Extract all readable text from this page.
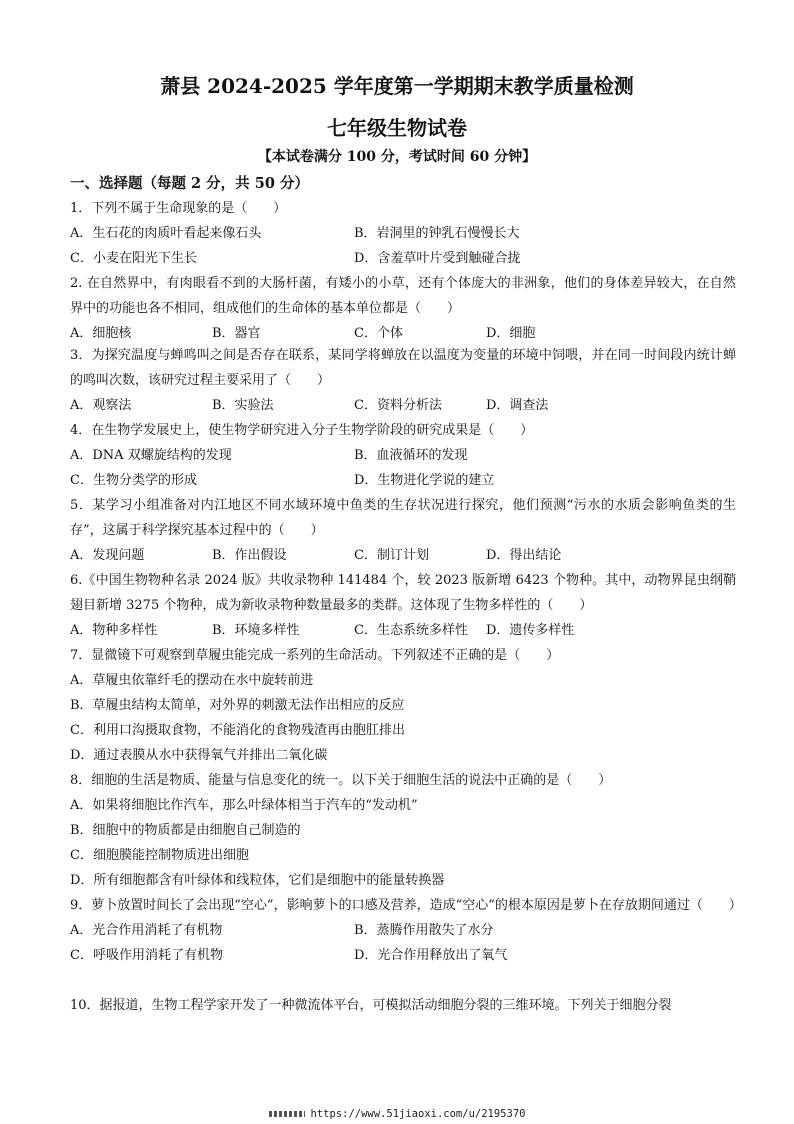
萧县 2024-2025 学年度第一学期期末教学质量检测
七年级生物试卷
【本试卷满分 100 分，考试时间 60 分钟】
一、选择题（每题 2 分，共 50 分）
1．下列不属于生命现象的是（　　）
A．生石花的肉质叶看起来像石头	B．岩洞里的钟乳石慢慢长大
C．小麦在阳光下生长	D．含羞草叶片受到触碰合拢
2. 在自然界中，有肉眼看不到的大肠杆菌，有矮小的小草，还有个体庞大的非洲象，他们的身体差异较大，在自然界中的功能也各不相同，组成他们的生命体的基本单位都是（　　）
A．细胞核	B．器官	C．个体	D．细胞
3．为探究温度与蝉鸣叫之间是否存在联系，某同学将蝉放在以温度为变量的环境中饲喂，并在同一时间段内统计蝉的鸣叫次数，该研究过程主要采用了（　　）
A．观察法	B．实验法	C．资料分析法	D．调查法
4．在生物学发展史上，使生物学研究进入分子生物学阶段的研究成果是（　　）
A．DNA 双螺旋结构的发现	B．血液循环的发现
C．生物分类学的形成	D．生物进化学说的建立
5．某学习小组准备对内江地区不同水域环境中鱼类的生存状况进行探究，他们预测“污水的水质会影响鱼类的生存”，这属于科学探究基本过程中的（　　）
A．发现问题	B．作出假设	C．制订计划	D．得出结论
6.《中国生物物种名录 2024 版》共收录物种 141484 个，较 2023 版新增 6423 个物种。其中，动物界昆虫纲鞘翅目新增 3275 个物种，成为新收录物种数量最多的类群。这体现了生物多样性的（　　）
A．物种多样性	B．环境多样性	C．生态系统多样性 D．遗传多样性
7．显微镜下可观察到草履虫能完成一系列的生命活动。下列叙述不正确的是（　　）
A．草履虫依靠纤毛的摆动在水中旋转前进
B．草履虫结构太简单，对外界的刺激无法作出相应的反应
C．利用口沟摄取食物，不能消化的食物残渣再由胞肛排出
D．通过表膜从水中获得氧气并排出二氧化碳
8．细胞的生活是物质、能量与信息变化的统一。以下关于细胞生活的说法中正确的是（　　）
A．如果将细胞比作汽车，那么叶绿体相当于汽车的“发动机”
B．细胞中的物质都是由细胞自己制造的
C．细胞膜能控制物质进出细胞
D．所有细胞都含有叶绿体和线粒体，它们是细胞中的能量转换器
9．萝卜放置时间长了会出现“空心”，影响萝卜的口感及营养，造成“空心”的根本原因是萝卜在存放期间通过（　　）
A．光合作用消耗了有机物	B．蒸腾作用散失了水分
C．呼吸作用消耗了有机物	D．光合作用释放出了氧气
10．据报道，生物工程学家开发了一种微流体平台，可模拟活动细胞分裂的三维环境。下列关于细胞分裂
https://www.51jiaoxi.com/u/2195370
